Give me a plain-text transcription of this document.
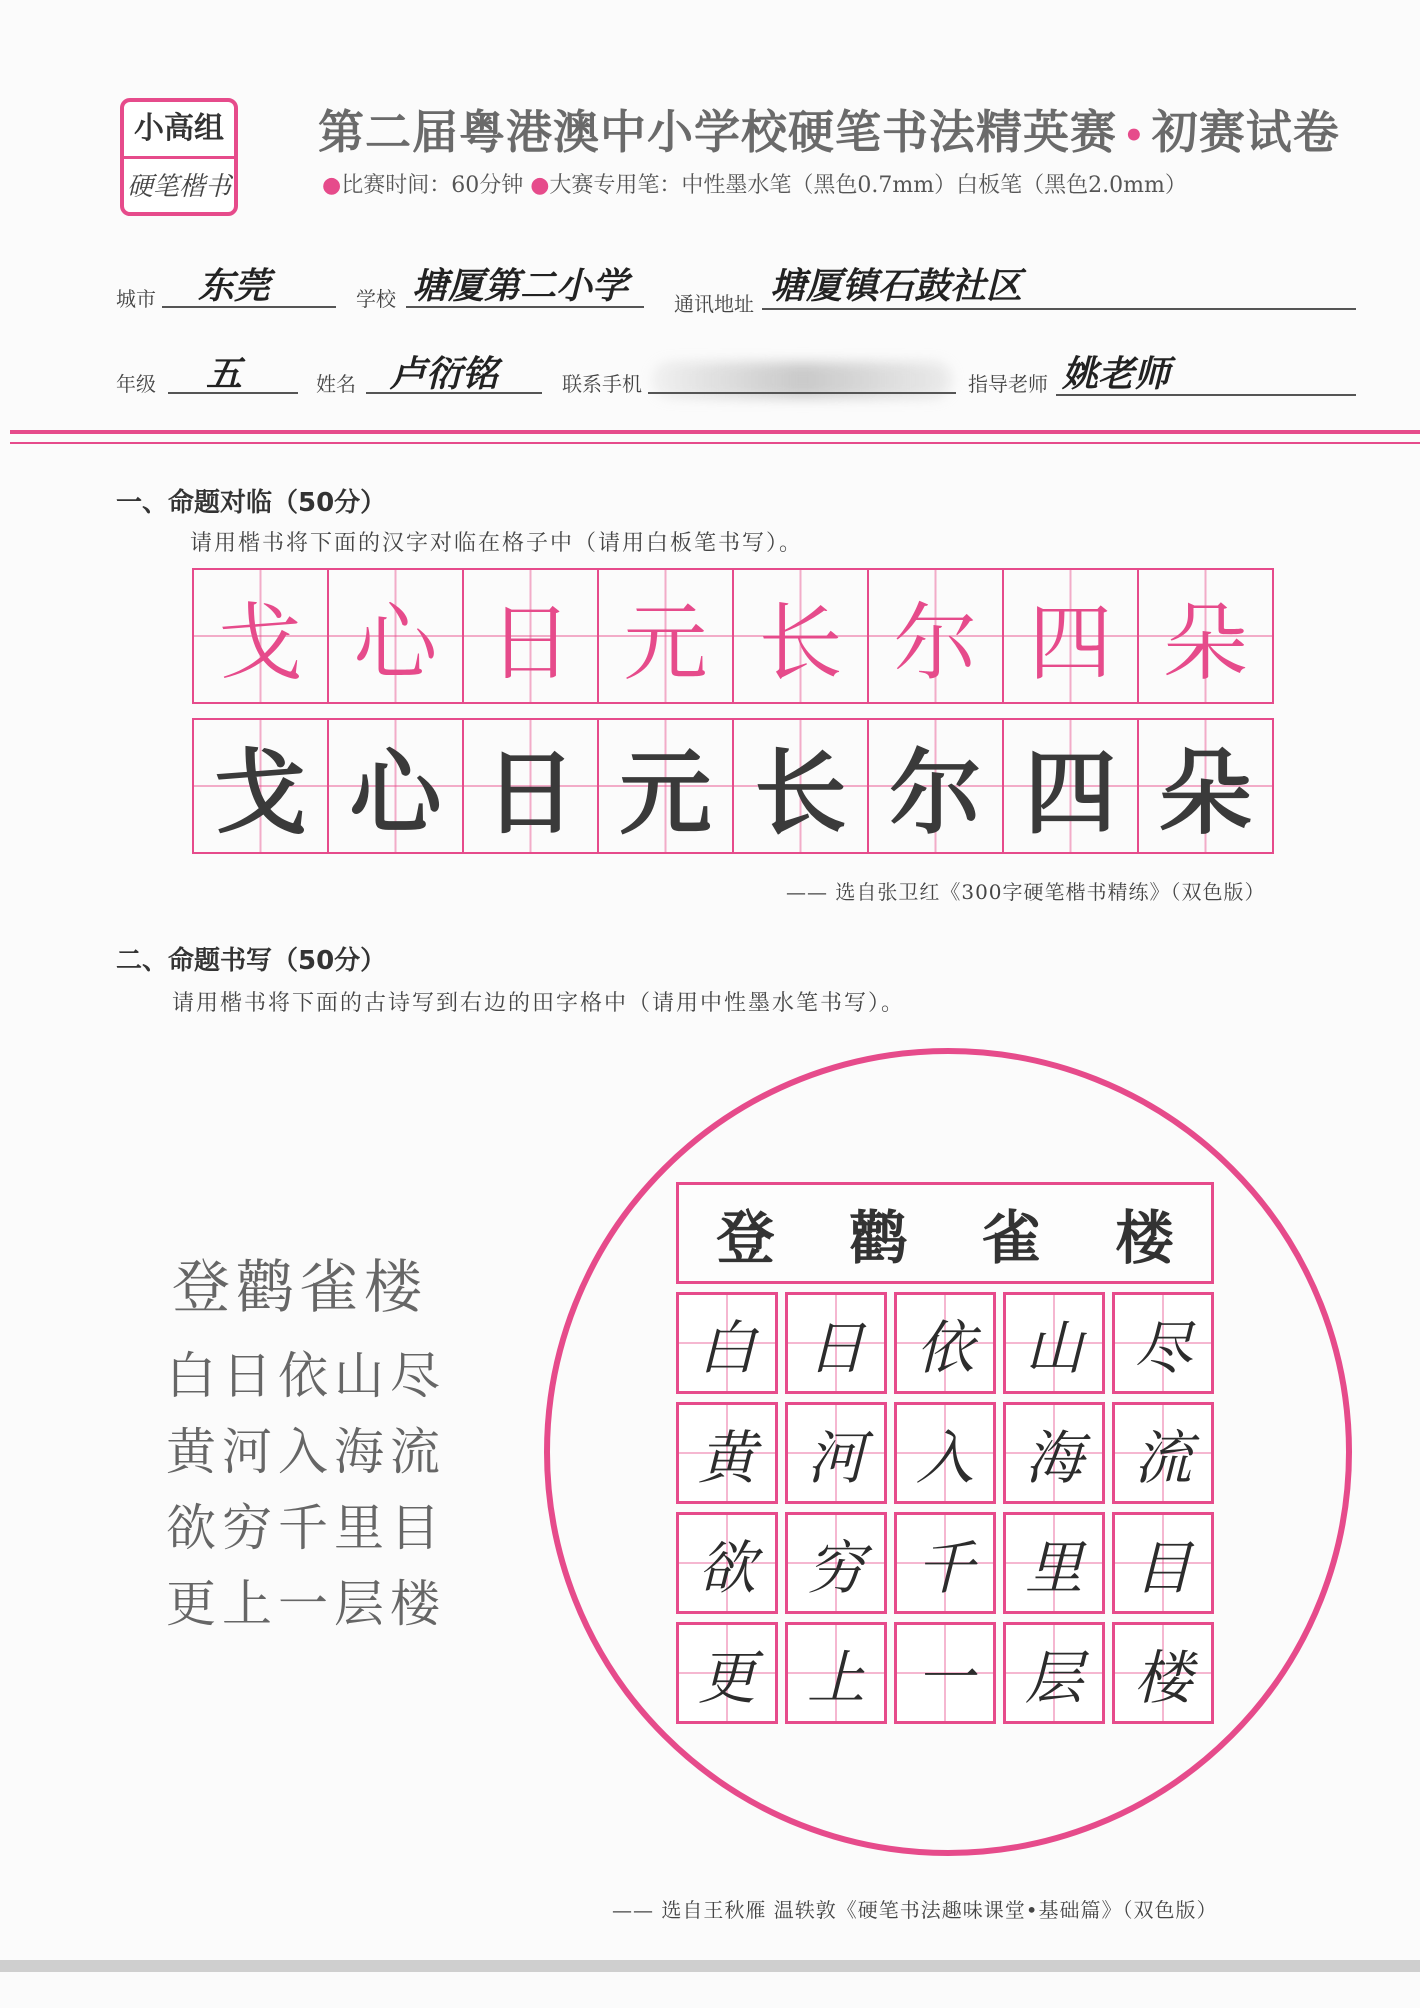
小高组
硬笔楷书
第二届粤港澳中小学校硬笔书法精英赛 • 初赛试卷
●比赛时间：60分钟 ●大赛专用笔：中性墨水笔（黑色0.7mm）白板笔（黑色2.0mm）
城市 东莞	学校 塘厦第二小学 通讯地址 塘厦镇石鼓社区
年级 五	姓名 卢衍铭	联系手机	指导老师 姚老师
一、命题对临（50分）
请用楷书将下面的汉字对临在格子中（请用白板笔书写）。
戈 心 日 元 长 尔 四 朵
戈 心 日 元 长 尔 四 朵
—— 选自张卫红《300字硬笔楷书精练》（双色版）
二、命题书写（50分）
请用楷书将下面的古诗写到右边的田字格中（请用中性墨水笔书写）。
登鹳雀楼
白日依山尽
黄河入海流
欲穷千里目
更上一层楼
登 鹳 雀 楼
白 日 依 山 尽
黄 河 入 海 流
欲 穷 千 里 目
更 上 一 层 楼
—— 选自王秋雁 温轶敦《硬笔书法趣味课堂•基础篇》（双色版）
